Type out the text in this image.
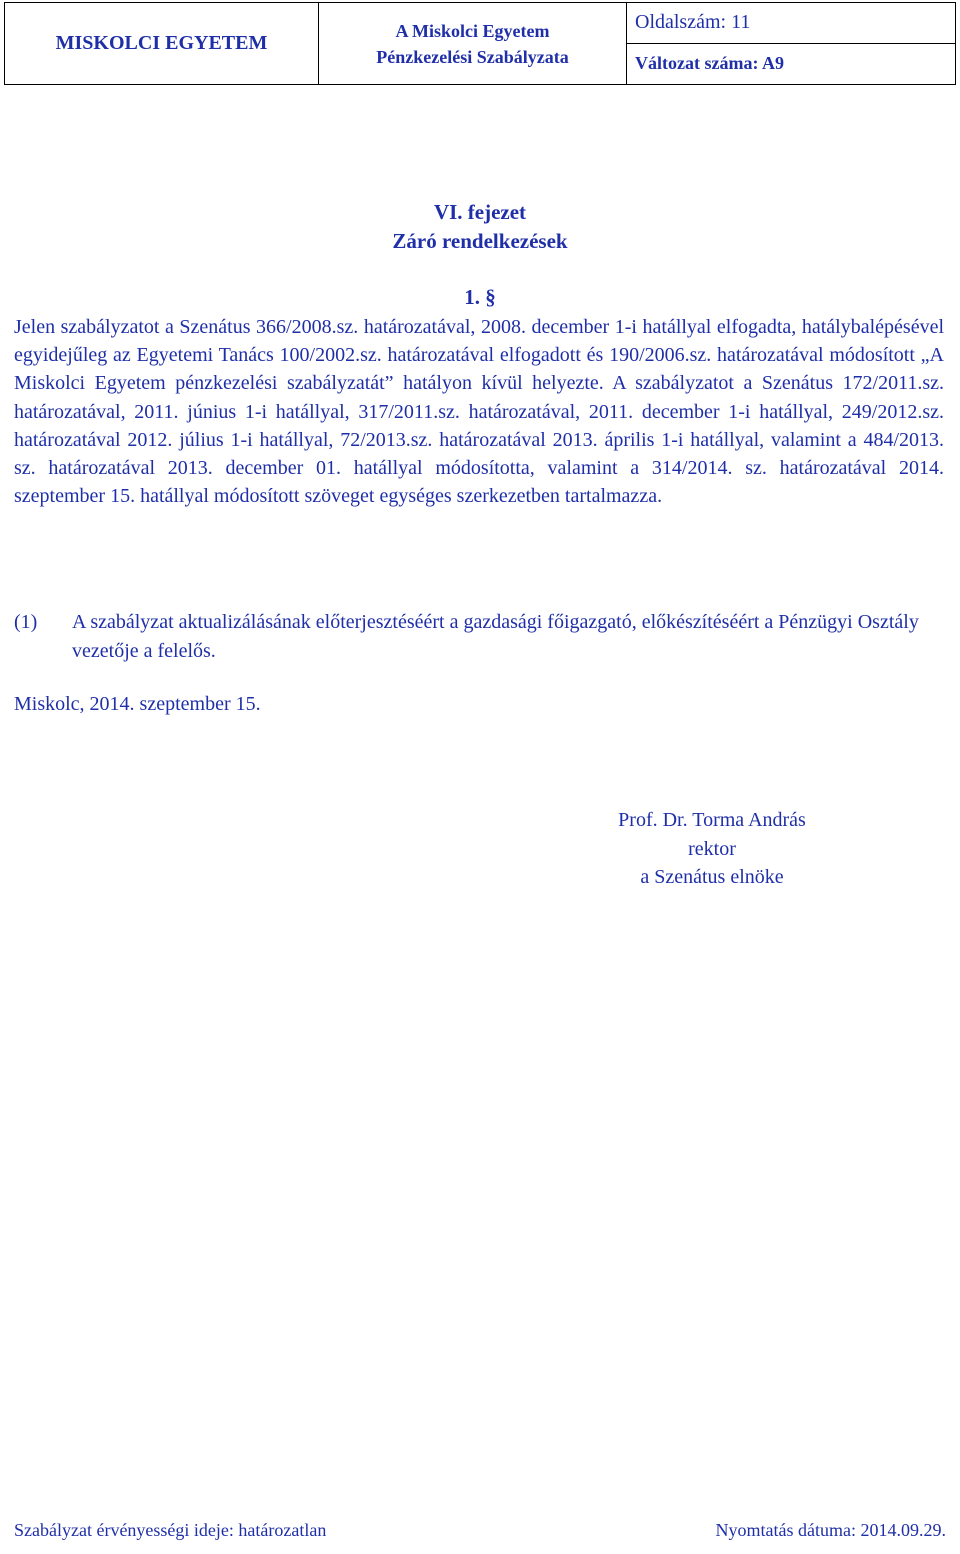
MISKOLCI EGYETEM
A Miskolci Egyetem
Pénzkezelési Szabályzata
Oldalszám: 11
Változat száma: A9
VI. fejezet
Záró rendelkezések
1. §
Jelen szabályzatot a Szenátus 366/2008.sz. határozatával, 2008. december 1-i hatállyal elfogadta, hatálybalépésével egyidejűleg az Egyetemi Tanács 100/2002.sz. határozatával elfogadott és 190/2006.sz. határozatával módosított „A Miskolci Egyetem pénzkezelési szabályzatát” hatályon kívül helyezte. A szabályzatot a Szenátus 172/2011.sz. határozatával, 2011. június 1-i hatállyal, 317/2011.sz. határozatával, 2011. december 1-i hatállyal, 249/2012.sz. határozatával 2012. július 1-i hatállyal, 72/2013.sz. határozatával 2013. április 1-i hatállyal, valamint a 484/2013. sz. határozatával 2013. december 01. hatállyal módosította, valamint a 314/2014. sz. határozatával 2014. szeptember 15. hatállyal módosított szöveget egységes szerkezetben tartalmazza.
(1)	A szabályzat aktualizálásának előterjesztéséért a gazdasági főigazgató, előkészítéséért a Pénzügyi Osztály vezetője a felelős.
Miskolc, 2014. szeptember 15.
Prof. Dr. Torma András
rektor
a Szenátus elnöke
Szabályzat érvényességi ideje: határozatlan	Nyomtatás dátuma: 2014.09.29.
